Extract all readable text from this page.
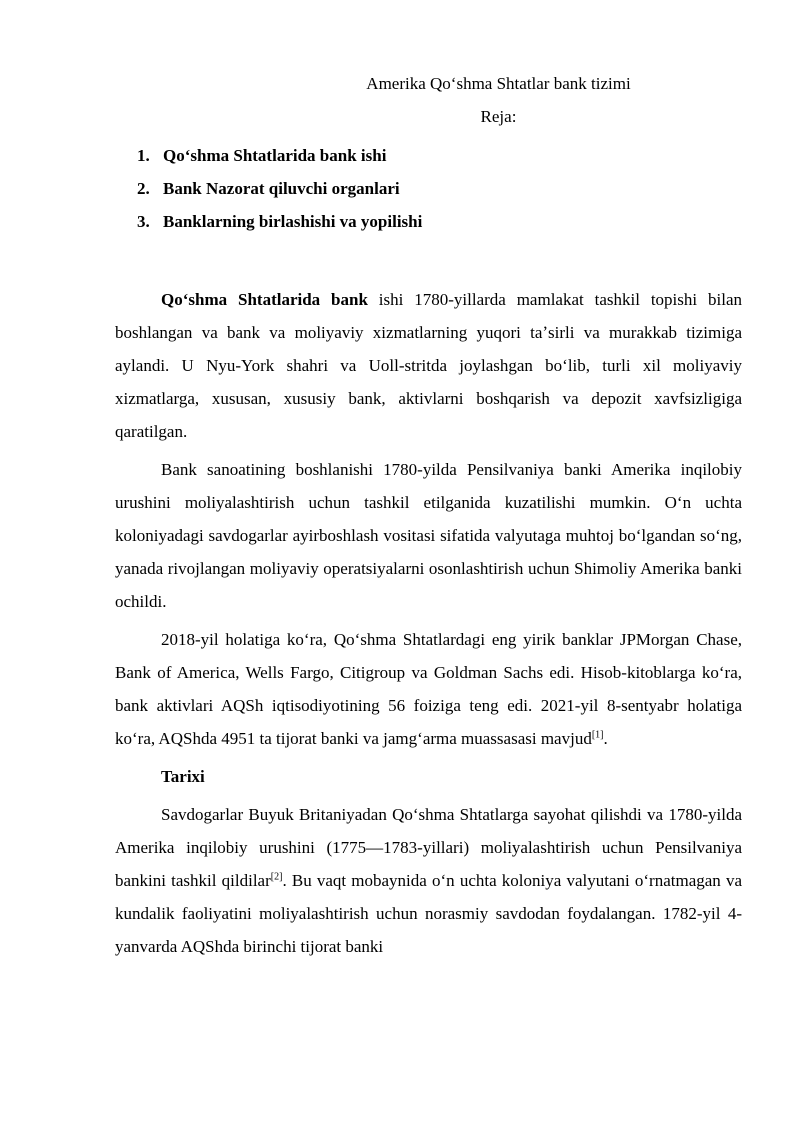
Amerika Qoʻshma Shtatlar bank tizimi
Reja:
1. Qoʻshma Shtatlarida bank ishi
2. Bank Nazorat qiluvchi organlari
3. Banklarning birlashishi va yopilishi

Qoʻshma Shtatlarida bank ishi 1780-yillarda mamlakat tashkil topishi bilan boshlangan va bank va moliyaviy xizmatlarning yuqori taʼsirli va murakkab tizimiga aylandi. U Nyu-York shahri va Uoll-stritda joylashgan boʻlib, turli xil moliyaviy xizmatlarga, xususan, xususiy bank, aktivlarni boshqarish va depozit xavfsizligiga qaratilgan.

Bank sanoatining boshlanishi 1780-yilda Pensilvaniya banki Amerika inqilobiy urushini moliyalashtirish uchun tashkil etilganida kuzatilishi mumkin. Oʻn uchta koloniyadagi savdogarlar ayirboshlash vositasi sifatida valyutaga muhtoj boʻlgandan soʻng, yanada rivojlangan moliyaviy operatsiyalarni osonlashtirish uchun Shimoliy Amerika banki ochildi.

2018-yil holatiga koʻra, Qoʻshma Shtatlardagi eng yirik banklar JPMorgan Chase, Bank of America, Wells Fargo, Citigroup va Goldman Sachs edi. Hisob-kitoblarga koʻra, bank aktivlari AQSh iqtisodiyotining 56 foiziga teng edi. 2021-yil 8-sentyabr holatiga koʻra, AQShda 4951 ta tijorat banki va jamgʻarma muassasasi mavjud[1].

Tarixi

Savdogarlar Buyuk Britaniyadan Qoʻshma Shtatlarga sayohat qilishdi va 1780-yilda Amerika inqilobiy urushini (1775—1783-yillari) moliyalashtirish uchun Pensilvaniya bankini tashkil qildilar[2]. Bu vaqt mobaynida oʻn uchta koloniya valyutani oʻrnatmagan va kundalik faoliyatini moliyalashtirish uchun norasmiy savdodan foydalangan. 1782-yil 4-yanvarda AQShda birinchi tijorat banki
